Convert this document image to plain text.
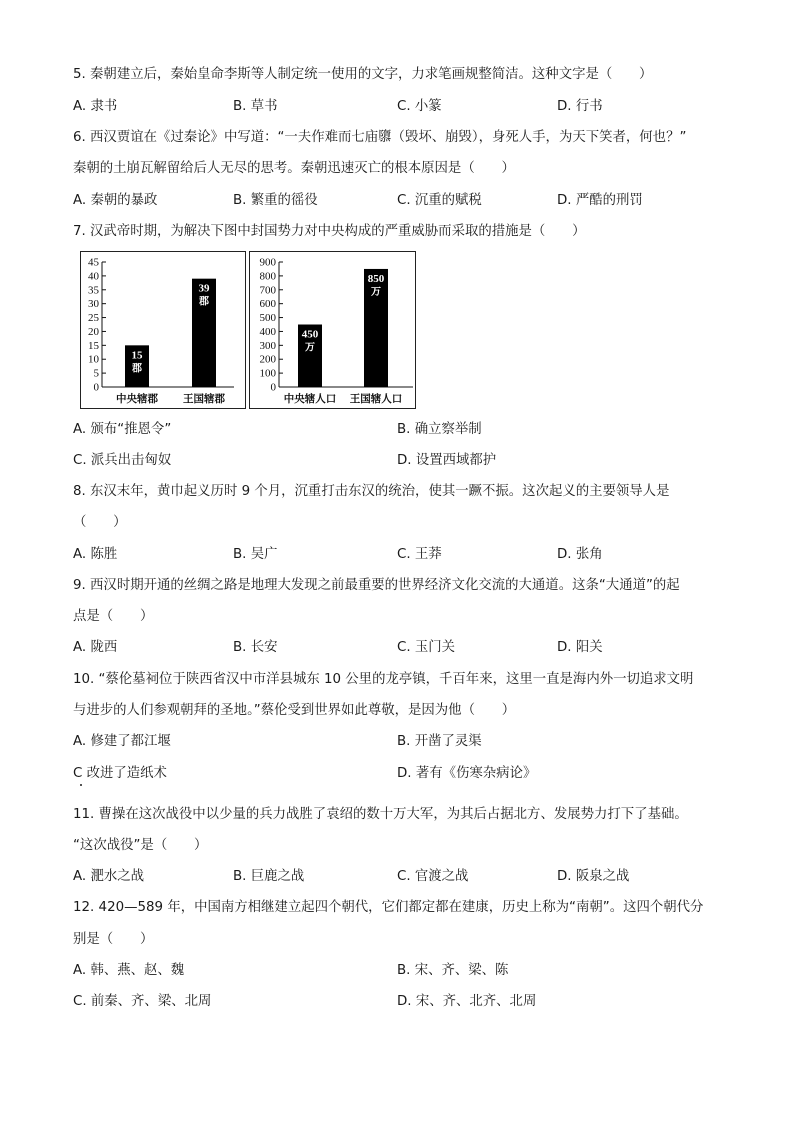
5. 秦朝建立后，秦始皇命李斯等人制定统一使用的文字，力求笔画规整简洁。这种文字是（　　）
A. 隶书	B. 草书	C. 小篆	D. 行书
6. 西汉贾谊在《过秦论》中写道：“一夫作难而七庙隳（毁坏、崩毁），身死人手，为天下笑者，何也？”
秦朝的土崩瓦解留给后人无尽的思考。秦朝迅速灭亡的根本原因是（　　）
A. 秦朝的暴政	B. 繁重的徭役	C. 沉重的赋税	D. 严酷的刑罚
7. 汉武帝时期，为解决下图中封国势力对中央构成的严重威胁而采取的措施是（　　）
0
5
10
15
20
25
30
35
40
45
15
郡
中央辖郡
39
郡
王国辖郡
0
100
200
300
400
500
600
700
800
900
450
万
中央辖人口
850
万
王国辖人口
A. 颁布“推恩令”	B. 确立察举制
C. 派兵出击匈奴	D. 设置西域都护
8. 东汉末年，黄巾起义历时 9 个月，沉重打击东汉的统治，使其一蹶不振。这次起义的主要领导人是
（　　）
A. 陈胜	B. 吴广	C. 王莽	D. 张角
9. 西汉时期开通的丝绸之路是地理大发现之前最重要的世界经济文化交流的大通道。这条“大通道”的起
点是（　　）
A. 陇西	B. 长安	C. 玉门关	D. 阳关
10. “蔡伦墓祠位于陕西省汉中市洋县城东 10 公里的龙亭镇，千百年来，这里一直是海内外一切追求文明
与进步的人们参观朝拜的圣地。”蔡伦受到世界如此尊敬，是因为他（　　）
A. 修建了都江堰	B. 开凿了灵渠
C 改进了造纸术	D. 著有《伤寒杂病论》
11. 曹操在这次战役中以少量的兵力战胜了袁绍的数十万大军，为其后占据北方、发展势力打下了基础。
“这次战役”是（　　）
A. 淝水之战	B. 巨鹿之战	C. 官渡之战	D. 阪泉之战
12. 420—589 年，中国南方相继建立起四个朝代，它们都定都在建康，历史上称为“南朝”。这四个朝代分
别是（　　）
A. 韩、燕、赵、魏	B. 宋、齐、梁、陈
C. 前秦、齐、梁、北周	D. 宋、齐、北齐、北周
